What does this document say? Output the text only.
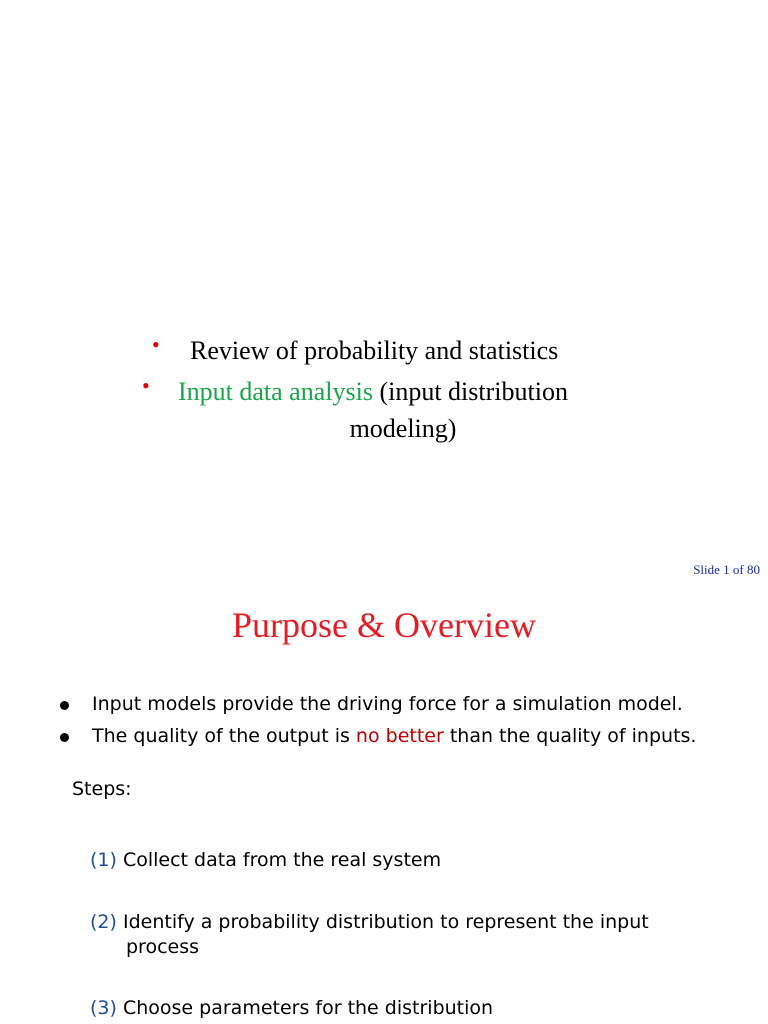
• Review of probability and statistics
• Input data analysis (input distribution
modeling)
Slide 1 of 80
Purpose & Overview
Input models provide the driving force for a simulation model.
The quality of the output is no better than the quality of inputs.
Steps:
(1) Collect data from the real system
(2) Identify a probability distribution to represent the input
process
(3) Choose parameters for the distribution
